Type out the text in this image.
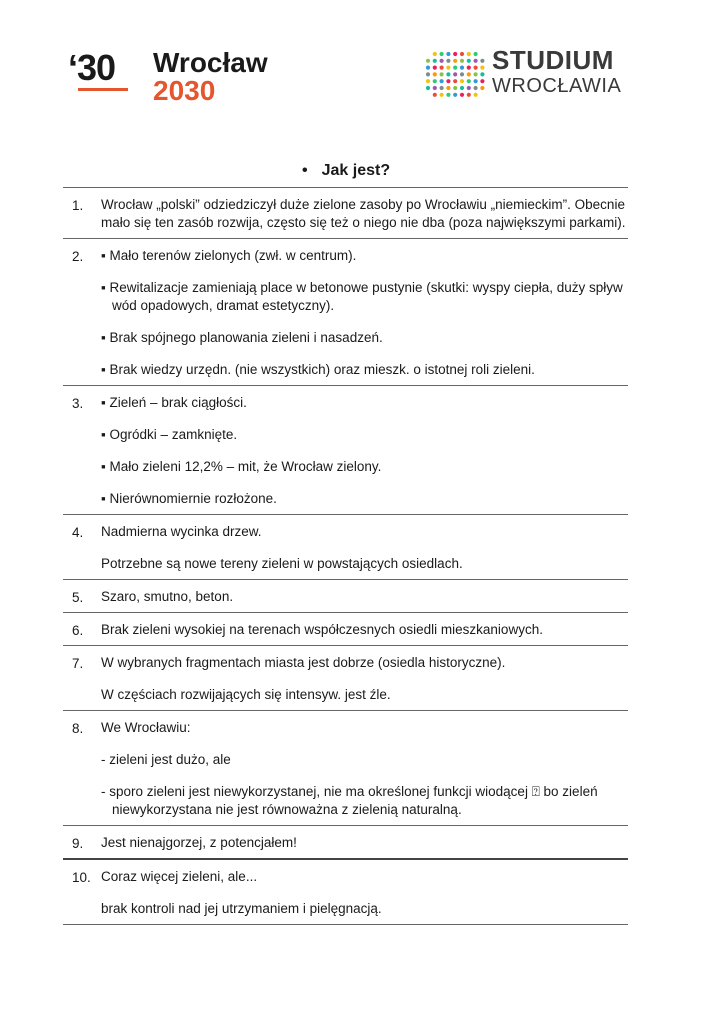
‘30 Wrocław
2030
STUDIUM
WROCŁAWIA
• Jak jest?
1.	Wrocław „polski” odziedziczył duże zielone zasoby po Wrocławiu „niemieckim”. Obecnie mało się ten zasób rozwija, często się też o niego nie dba (poza największymi parkami).

2.	▪ Mało terenów zielonych (zwł. w centrum).

▪ Rewitalizacje zamieniają place w betonowe pustynie (skutki: wyspy ciepła, duży spływ wód opadowych, dramat estetyczny).

▪ Brak spójnego planowania zieleni i nasadzeń.

▪ Brak wiedzy urzędn. (nie wszystkich) oraz mieszk. o istotnej roli zieleni.

3.	▪ Zieleń – brak ciągłości.

▪ Ogródki – zamknięte.

▪ Mało zieleni 12,2% – mit, że Wrocław zielony.

▪ Nierównomiernie rozłożone.

4.	Nadmierna wycinka drzew.

Potrzebne są nowe tereny zieleni w powstających osiedlach.

5.	Szaro, smutno, beton.

6.	Brak zieleni wysokiej na terenach współczesnych osiedli mieszkaniowych.

7.	W wybranych fragmentach miasta jest dobrze (osiedla historyczne).

W częściach rozwijających się intensyw. jest źle.

8.	We Wrocławiu:

- zieleni jest dużo, ale

- sporo zieleni jest niewykorzystanej, nie ma określonej funkcji wiodącej ⍰ bo zieleń niewykorzystana nie jest równoważna z zielenią naturalną.

9.	Jest nienajgorzej, z potencjałem!

10. Coraz więcej zieleni, ale...

brak kontroli nad jej utrzymaniem i pielęgnacją.
